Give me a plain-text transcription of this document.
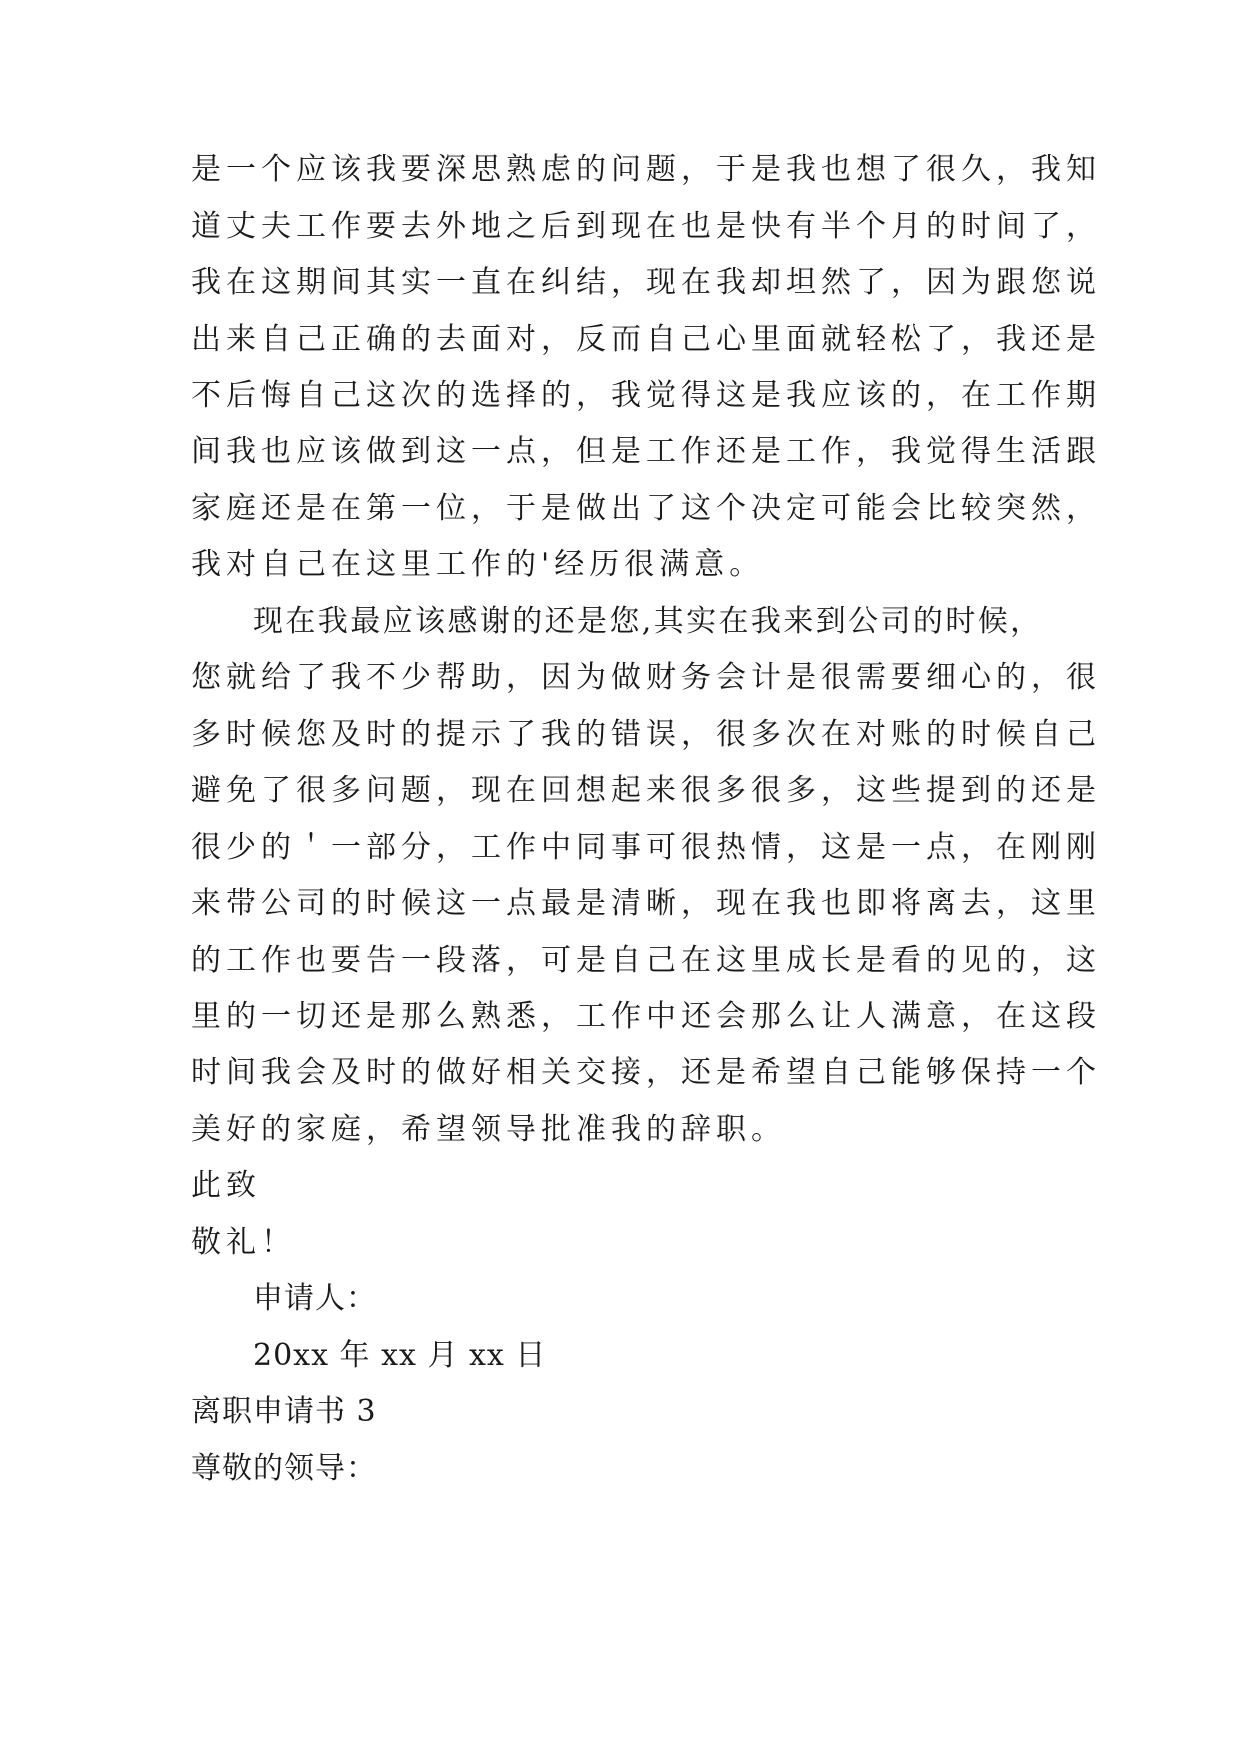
是一个应该我要深思熟虑的问题，于是我也想了很久，我知
道丈夫工作要去外地之后到现在也是快有半个月的时间了，
我在这期间其实一直在纠结，现在我却坦然了，因为跟您说
出来自己正确的去面对，反而自己心里面就轻松了，我还是
不后悔自己这次的选择的，我觉得这是我应该的，在工作期
间我也应该做到这一点，但是工作还是工作，我觉得生活跟
家庭还是在第一位，于是做出了这个决定可能会比较突然，
我对自己在这里工作的'经历很满意。
现在我最应该感谢的还是您,其实在我来到公司的时候，
您就给了我不少帮助，因为做财务会计是很需要细心的，很
多时候您及时的提示了我的错误，很多次在对账的时候自己
避免了很多问题，现在回想起来很多很多，这些提到的还是
很少的＇一部分，工作中同事可很热情，这是一点，在刚刚
来带公司的时候这一点最是清晰，现在我也即将离去，这里
的工作也要告一段落，可是自己在这里成长是看的见的，这
里的一切还是那么熟悉，工作中还会那么让人满意，在这段
时间我会及时的做好相关交接，还是希望自己能够保持一个
美好的家庭，希望领导批准我的辞职。
此致
敬礼！
申请人：
20xx 年 xx 月 xx 日
离职申请书 3
尊敬的领导：
